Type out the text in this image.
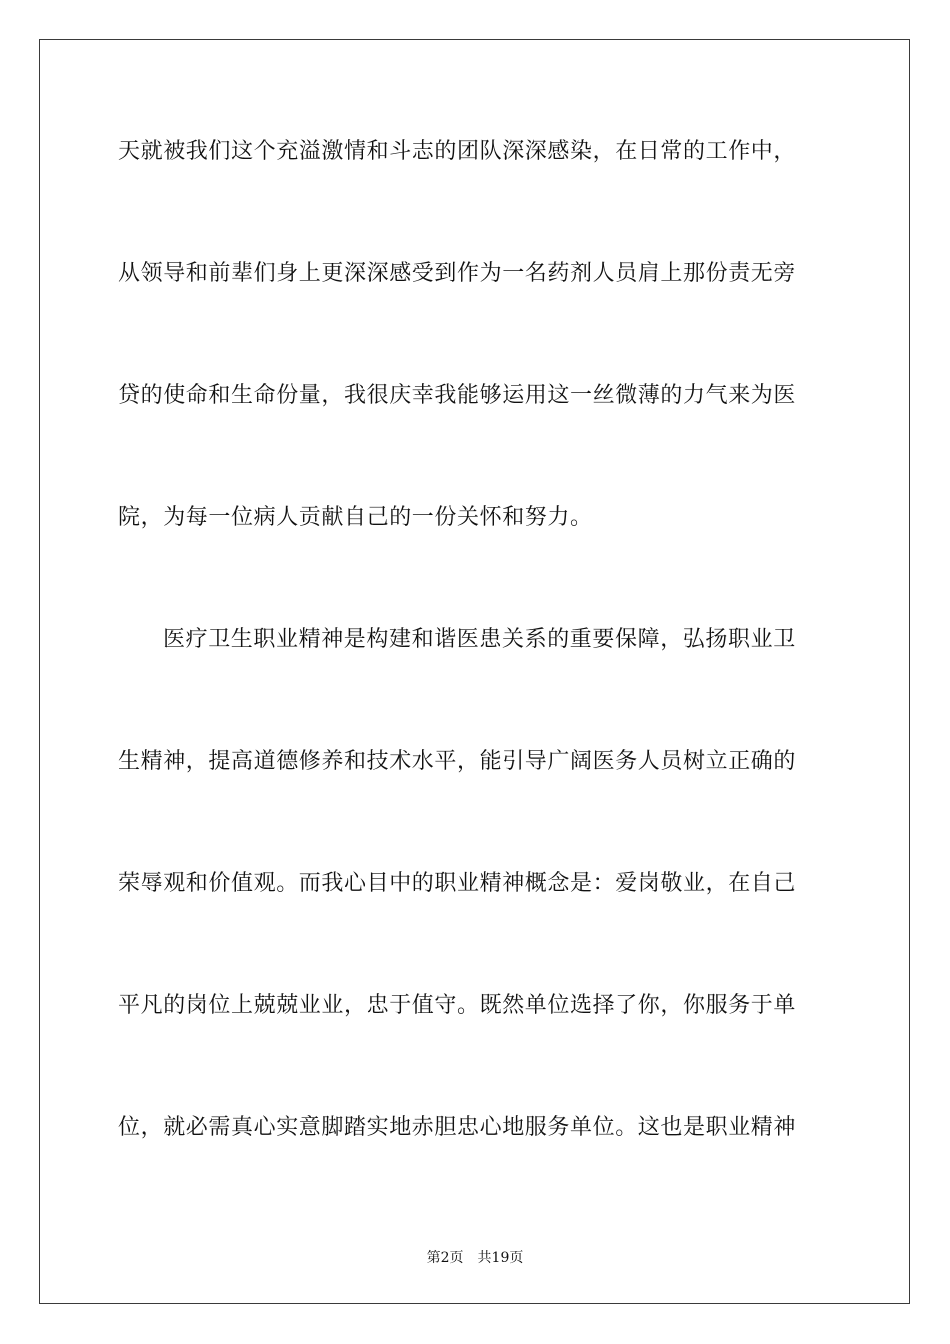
天就被我们这个充溢激情和斗志的团队深深感染，在日常的工作中，
从领导和前辈们身上更深深感受到作为一名药剂人员肩上那份责无旁
贷的使命和生命份量，我很庆幸我能够运用这一丝微薄的力气来为医
院，为每一位病人贡献自己的一份关怀和努力。
医疗卫生职业精神是构建和谐医患关系的重要保障，弘扬职业卫
生精神，提高道德修养和技术水平，能引导广阔医务人员树立正确的
荣辱观和价值观。而我心目中的职业精神概念是：爱岗敬业，在自己
平凡的岗位上兢兢业业，忠于值守。既然单位选择了你，你服务于单
位，就必需真心实意脚踏实地赤胆忠心地服务单位。这也是职业精神
第2页 共19页
